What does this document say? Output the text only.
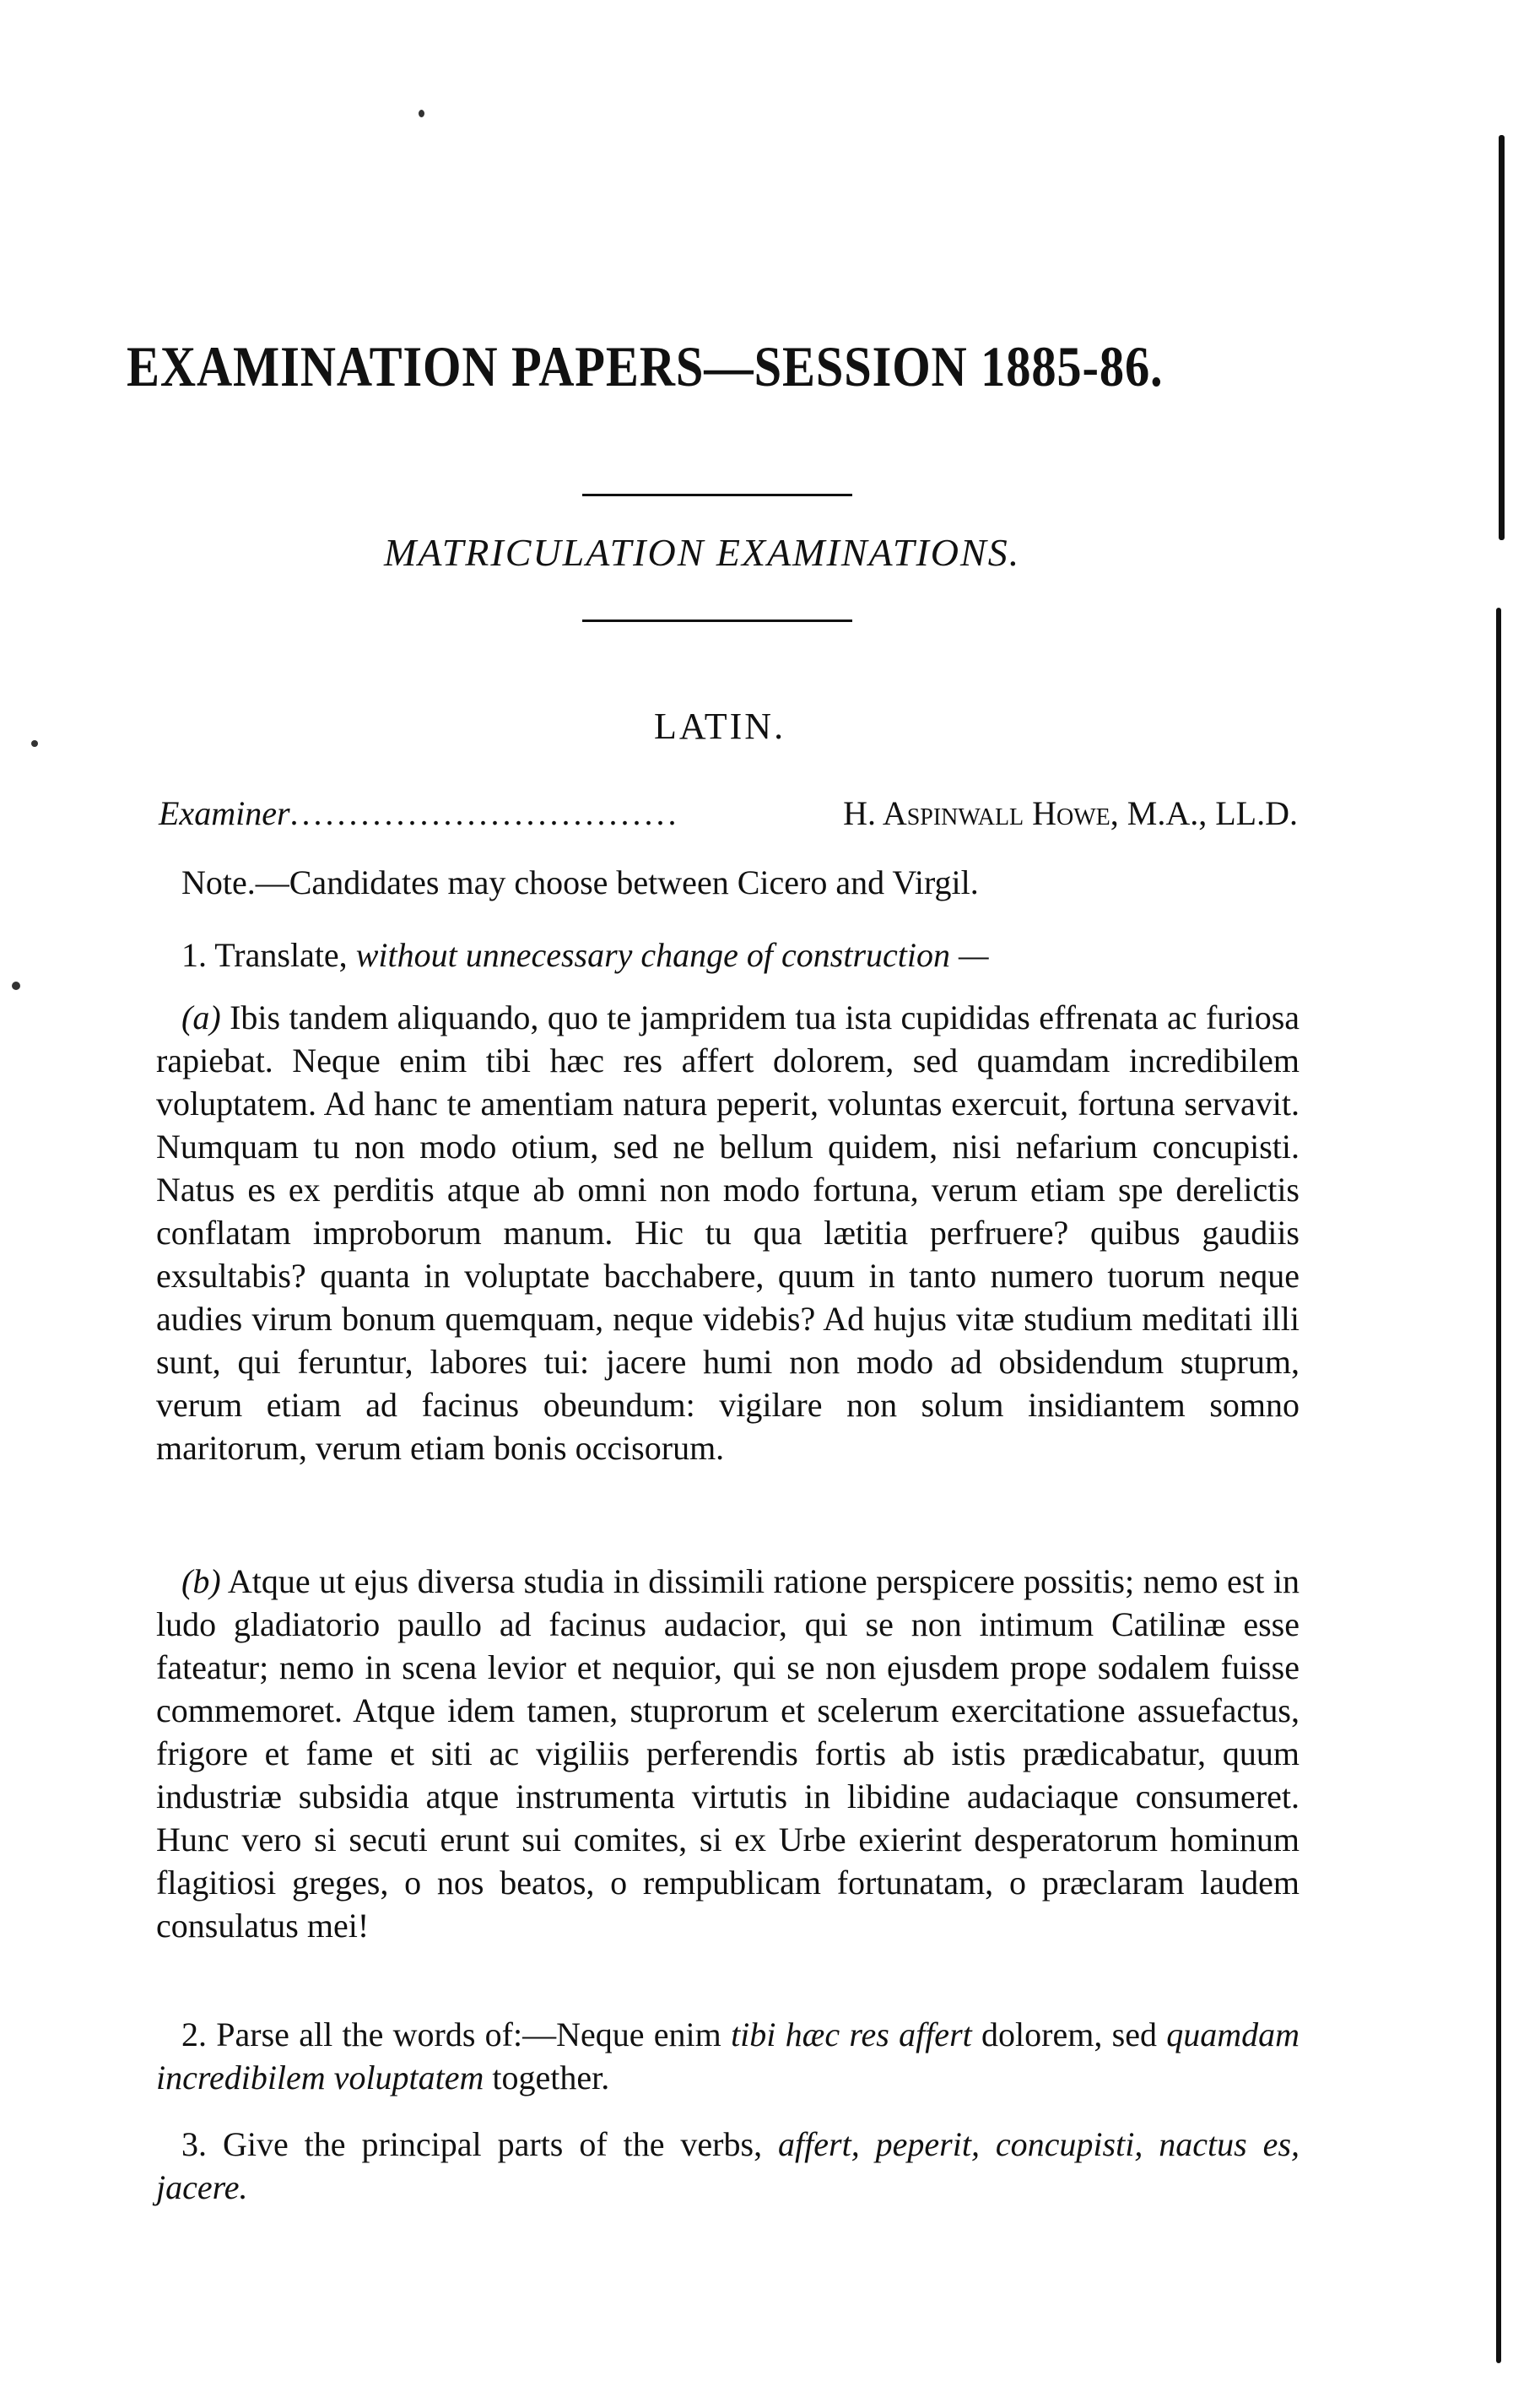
EXAMINATION PAPERS—SESSION 1885-86.
MATRICULATION EXAMINATIONS.
LATIN.
Examiner.................................	H. Aspinwall Howe, M.A., LL.D.

Note.—Candidates may choose between Cicero and Virgil.

1. Translate, without unnecessary change of construction —

(a) Ibis tandem aliquando, quo te jampridem tua ista cupididas effrenata ac furiosa rapiebat. Neque enim tibi hæc res affert dolorem, sed quamdam incredibilem voluptatem. Ad hanc te amentiam natura peperit, voluntas exercuit, fortuna servavit. Numquam tu non modo otium, sed ne bellum quidem, nisi nefarium concupisti. Natus es ex perditis atque ab omni non modo fortuna, verum etiam spe derelictis conflatam improborum manum. Hic tu qua lætitia perfruere? quibus gaudiis exsultabis? quanta in voluptate bacchabere, quum in tanto numero tuorum neque audies virum bonum quemquam, neque videbis? Ad hujus vitæ studium meditati illi sunt, qui feruntur, labores tui: jacere humi non modo ad obsidendum stuprum, verum etiam ad facinus obeundum: vigilare non solum insidiantem somno maritorum, verum etiam bonis occisorum.

(b) Atque ut ejus diversa studia in dissimili ratione perspicere possitis; nemo est in ludo gladiatorio paullo ad facinus audacior, qui se non intimum Catilinæ esse fateatur; nemo in scena levior et nequior, qui se non ejusdem prope sodalem fuisse commemoret. Atque idem tamen, stuprorum et scelerum exercitatione assuefactus, frigore et fame et siti ac vigiliis perferendis fortis ab istis prædicabatur, quum industriæ subsidia atque instrumenta virtutis in libidine audaciaque consumeret. Hunc vero si secuti erunt sui comites, si ex Urbe exierint desperatorum hominum flagitiosi greges, o nos beatos, o rempublicam fortunatam, o præclaram laudem consulatus mei!

2. Parse all the words of:—Neque enim tibi hæc res affert dolorem, sed quamdam incredibilem voluptatem together.

3. Give the principal parts of the verbs, affert, peperit, concupisti, nactus es, jacere.
